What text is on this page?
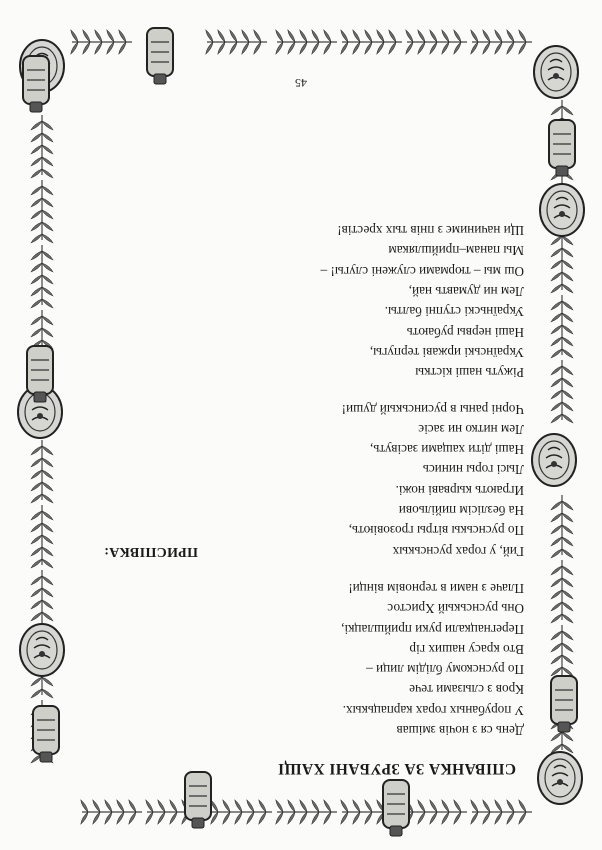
СПІВАНКА ЗА ЗРУБАНІ ХАЩІ
День ся з ночів змішав
У порубаных горах карпацькых.
Кров з слызами тече
По руснскому блідім лици –
Вто краcу наших гір
Перегнацкали руки прийшлацкі,
Онь руснськый Христос
Плаче з нами в терновім вінци!
Гий, у горах руснськых
По руснськы вітры грозовіють,
На безлісім пийільови
Играють кырваві ножі.
Лысі горы ниниcь
Наші діти хащами засівуть,
Лем нитко ни засіє
Чорні раны в русинськый души!
ПРИСПІВКА:
Ріжуть наші кісткы
Українські иржаві терпугы,
Наші нервы рубають
Україньскі ступні балты.
Лем ни думавть най,
Ош мы – тюрмами служені слугы! –
Мы панам–прийшлякам
Щи начинимє з пнів тых хрестів!
45
